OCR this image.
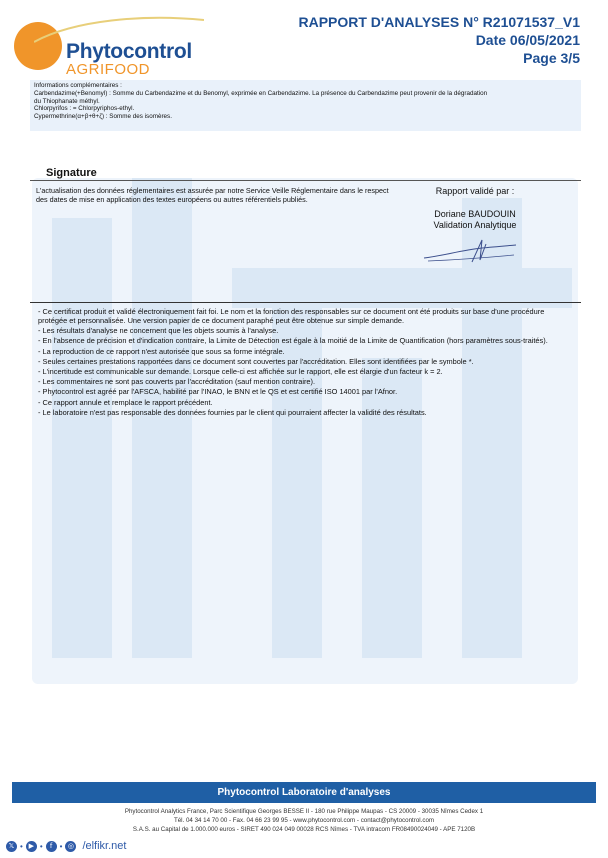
Phytocontrol
AGRIFOOD
RAPPORT D'ANALYSES N° R21071537_V1
Date 06/05/2021
Page 3/5
Informations complémentaires :
Carbendazime(+Benomyl) : Somme du Carbendazime et du Benomyl, exprimée en Carbendazime. La présence du Carbendazime peut provenir de la dégradation
du Thiophanate méthyl.
Chlorpyrifos : = Chlorpyriphos-ethyl.
Cypermethrine(α+β+θ+ζ) : Somme des isomères.
Signature
L'actualisation des données réglementaires est assurée par notre Service Veille Réglementaire dans le respect des dates de mise en application des textes européens ou autres référentiels publiés.
Rapport validé par :
Doriane BAUDOUIN
Validation Analytique
- Ce certificat produit et validé électroniquement fait foi. Le nom et la fonction des responsables sur ce document ont été produits sur base d'une procédure protégée et personnalisée. Une version papier de ce document paraphé peut être obtenue sur simple demande.
- Les résultats d'analyse ne concernent que les objets soumis à l'analyse.
- En l'absence de précision et d'indication contraire, la Limite de Détection est égale à la moitié de la Limite de Quantification (hors paramètres sous-traités).
- La reproduction de ce rapport n'est autorisée que sous sa forme intégrale.
- Seules certaines prestations rapportées dans ce document sont couvertes par l'accréditation. Elles sont identifiées par le symbole *.
- L'incertitude est communicable sur demande. Lorsque celle-ci est affichée sur le rapport, elle est élargie d'un facteur k = 2.
- Les commentaires ne sont pas couverts par l'accréditation (sauf mention contraire).
- Phytocontrol est agréé par l'AFSCA, habilité par l'INAO, le BNN et le QS et est certifié ISO 14001 par l'Afnor.
- Ce rapport annule et remplace le rapport précédent.
- Le laboratoire n'est pas responsable des données fournies par le client qui pourraient affecter la validité des résultats.
Phytocontrol Laboratoire d'analyses
Phytocontrol Analytics France, Parc Scientifique Georges BESSE II - 180 rue Philippe Maupas - CS 20009 - 30035 Nîmes Cedex 1
Tél. 04 34 14 70 00 - Fax. 04 66 23 99 95 - www.phytocontrol.com - contact@phytocontrol.com
S.A.S. au Capital de 1.000.000 euros - SIRET 490 024 049 00028 RCS Nîmes - TVA intracom FR08490024049 - APE 7120B
𝕏 • ▶ •	f • ◎ /elfikr.net
